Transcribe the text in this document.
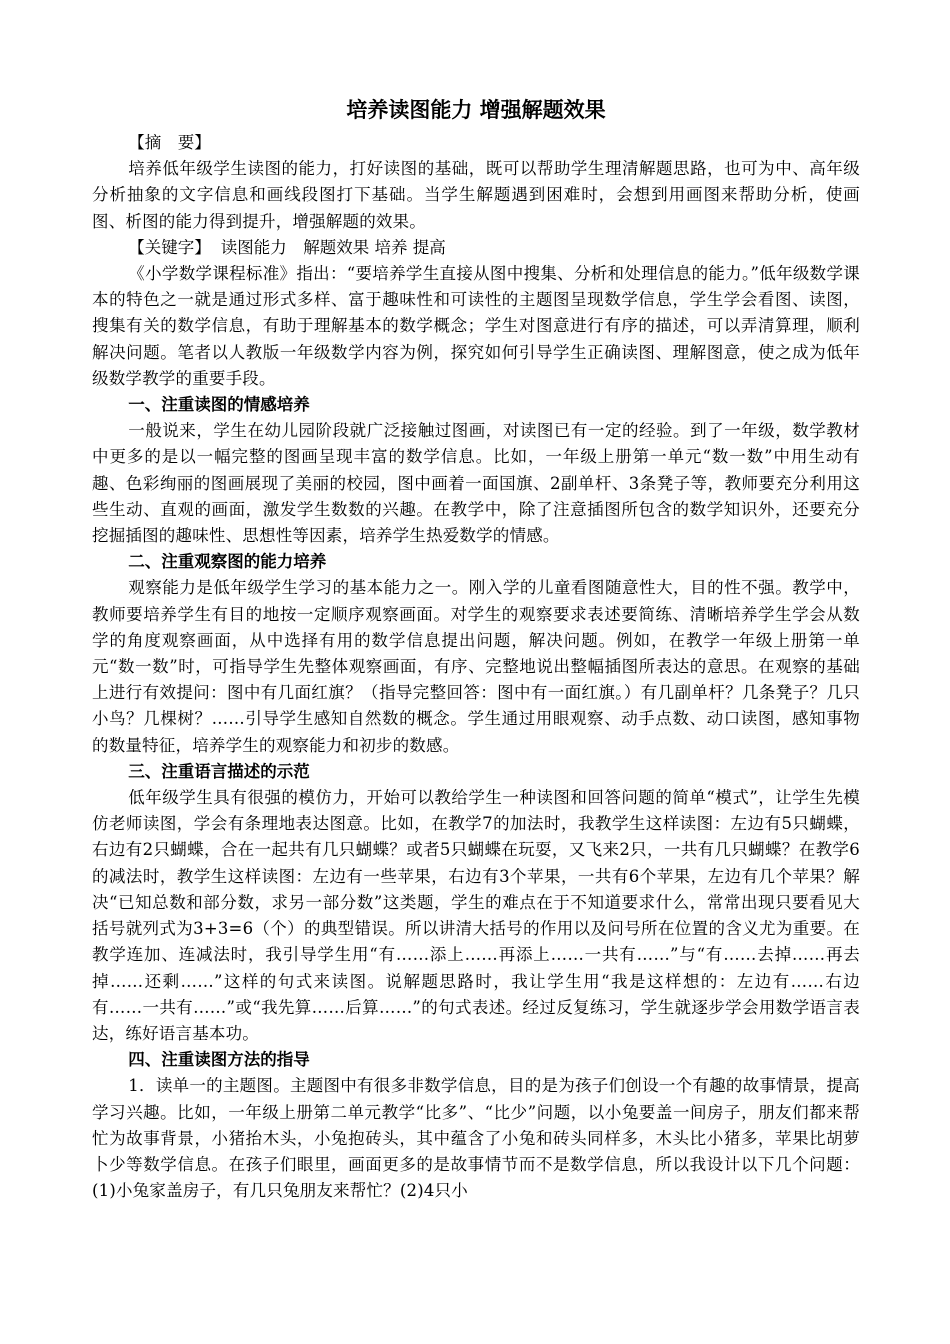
培养读图能力 增强解题效果
【摘　要】

培养低年级学生读图的能力，打好读图的基础，既可以帮助学生理清解题思路，也可为中、高年级分析抽象的文字信息和画线段图打下基础。当学生解题遇到困难时，会想到用画图来帮助分析，使画图、析图的能力得到提升，增强解题的效果。

【关键字】 读图能力　解题效果 培养 提高

《小学数学课程标准》指出：“要培养学生直接从图中搜集、分析和处理信息的能力。”低年级数学课本的特色之一就是通过形式多样、富于趣味性和可读性的主题图呈现数学信息，学生学会看图、读图，搜集有关的数学信息，有助于理解基本的数学概念；学生对图意进行有序的描述，可以弄清算理，顺利解决问题。笔者以人教版一年级数学内容为例，探究如何引导学生正确读图、理解图意，使之成为低年级数学教学的重要手段。

一、注重读图的情感培养

一般说来，学生在幼儿园阶段就广泛接触过图画，对读图已有一定的经验。到了一年级，数学教材中更多的是以一幅完整的图画呈现丰富的数学信息。比如，一年级上册第一单元“数一数”中用生动有趣、色彩绚丽的图画展现了美丽的校园，图中画着一面国旗、2副单杆、3条凳子等，教师要充分利用这些生动、直观的画面，激发学生数数的兴趣。在教学中，除了注意插图所包含的数学知识外，还要充分挖掘插图的趣味性、思想性等因素，培养学生热爱数学的情感。

二、注重观察图的能力培养

观察能力是低年级学生学习的基本能力之一。刚入学的儿童看图随意性大，目的性不强。教学中，教师要培养学生有目的地按一定顺序观察画面。对学生的观察要求表述要简练、清晰培养学生学会从数学的角度观察画面，从中选择有用的数学信息提出问题，解决问题。例如，在教学一年级上册第一单元“数一数”时，可指导学生先整体观察画面，有序、完整地说出整幅插图所表达的意思。在观察的基础上进行有效提问：图中有几面红旗？（指导完整回答：图中有一面红旗。）有几副单杆？几条凳子？几只小鸟？几棵树？……引导学生感知自然数的概念。学生通过用眼观察、动手点数、动口读图，感知事物的数量特征，培养学生的观察能力和初步的数感。

三、注重语言描述的示范

低年级学生具有很强的模仿力，开始可以教给学生一种读图和回答问题的简单“模式”，让学生先模仿老师读图，学会有条理地表达图意。比如，在教学7的加法时，我教学生这样读图：左边有5只蝴蝶，右边有2只蝴蝶，合在一起共有几只蝴蝶？或者5只蝴蝶在玩耍，又飞来2只，一共有几只蝴蝶？在教学6的减法时，教学生这样读图：左边有一些苹果，右边有3个苹果，一共有6个苹果，左边有几个苹果？解决“已知总数和部分数，求另一部分数”这类题，学生的难点在于不知道要求什么，常常出现只要看见大括号就列式为3+3=6（个）的典型错误。所以讲清大括号的作用以及问号所在位置的含义尤为重要。在教学连加、连减法时，我引导学生用“有……添上……再添上……一共有……”与“有……去掉……再去掉……还剩……”这样的句式来读图。说解题思路时，我让学生用“我是这样想的：左边有……右边有……一共有……”或“我先算……后算……”的句式表述。经过反复练习，学生就逐步学会用数学语言表达，练好语言基本功。

四、注重读图方法的指导

1．读单一的主题图。主题图中有很多非数学信息，目的是为孩子们创设一个有趣的故事情景，提高学习兴趣。比如，一年级上册第二单元教学“比多”、“比少”问题，以小兔要盖一间房子，朋友们都来帮忙为故事背景，小猪抬木头，小兔抱砖头，其中蕴含了小兔和砖头同样多，木头比小猪多，苹果比胡萝卜少等数学信息。在孩子们眼里，画面更多的是故事情节而不是数学信息，所以我设计以下几个问题：(1)小兔家盖房子，有几只兔朋友来帮忙？(2)4只小
